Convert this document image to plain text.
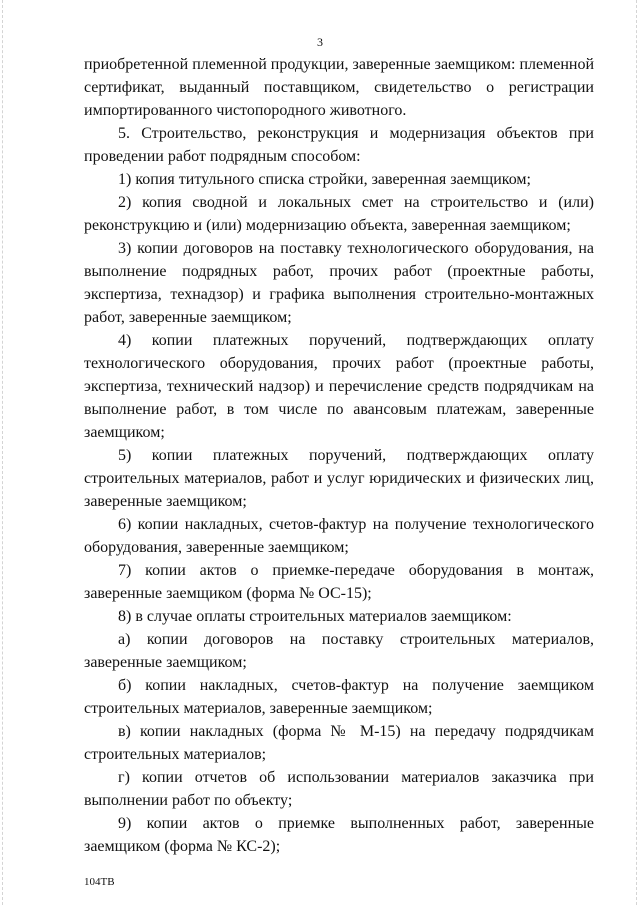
3

приобретенной племенной продукции, заверенные заемщиком: племенной сертификат, выданный поставщиком, свидетельство о регистрации импортированного чистопородного животного.

5. Строительство, реконструкция и модернизация объектов при проведении работ подрядным способом:

1) копия титульного списка стройки, заверенная заемщиком;

2) копия сводной и локальных смет на строительство и (или) реконструкцию и (или) модернизацию объекта, заверенная заемщиком;

3) копии договоров на поставку технологического оборудования, на выполнение подрядных работ, прочих работ (проектные работы, экспертиза, технадзор) и графика выполнения строительно-монтажных работ, заверенные заемщиком;

4) копии платежных поручений, подтверждающих оплату технологического оборудования, прочих работ (проектные работы, экспертиза, технический надзор) и перечисление средств подрядчикам на выполнение работ, в том числе по авансовым платежам, заверенные заемщиком;

5) копии платежных поручений, подтверждающих оплату строительных материалов, работ и услуг юридических и физических лиц, заверенные заемщиком;

6) копии накладных, счетов-фактур на получение технологического оборудования, заверенные заемщиком;

7) копии актов о приемке-передаче оборудования в монтаж, заверенные заемщиком (форма № ОС-15);

8) в случае оплаты строительных материалов заемщиком:

а) копии договоров на поставку строительных материалов, заверенные заемщиком;

б) копии накладных, счетов-фактур на получение заемщиком строительных материалов, заверенные заемщиком;

в) копии накладных (форма № М-15) на передачу подрядчикам строительных материалов;

г) копии отчетов об использовании материалов заказчика при выполнении работ по объекту;

9) копии актов о приемке выполненных работ, заверенные заемщиком (форма № КС-2);

104ТВ
